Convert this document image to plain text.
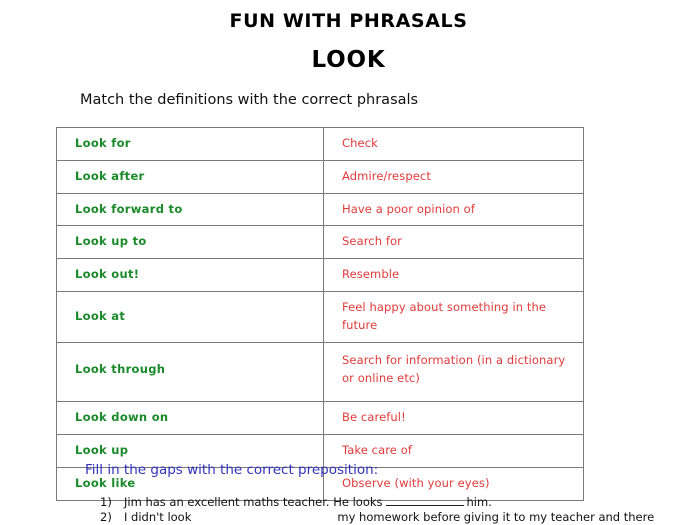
FUN WITH PHRASALS
LOOK

Match the definitions with the correct phrasals

Look for	Check

Look after	Admire/respect

Look forward to	Have a poor opinion of

Look up to	Search for

Look out!	Resemble

Look at	Feel happy about something in the future

Look through	Search for information (in a dictionary or online etc)

Look down on	Be careful!

Look up	Take care of

Look like	Observe (with your eyes)

Fill in the gaps with the correct preposition:

1) Jim has an excellent maths teacher. He looks	him.
2) I didn't look	my homework before giving it to my teacher and there
